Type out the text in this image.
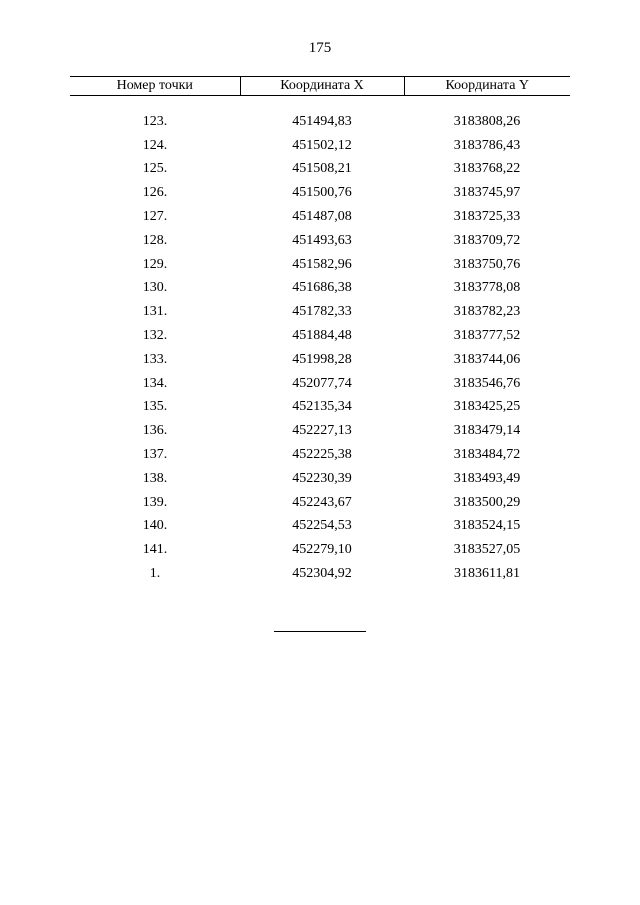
175
Номер точки	Координата X	Координата Y

123.	451494,83	3183808,26
124.	451502,12	3183786,43
125.	451508,21	3183768,22
126.	451500,76	3183745,97
127.	451487,08	3183725,33
128.	451493,63	3183709,72
129.	451582,96	3183750,76
130.	451686,38	3183778,08
131.	451782,33	3183782,23
132.	451884,48	3183777,52
133.	451998,28	3183744,06
134.	452077,74	3183546,76
135.	452135,34	3183425,25
136.	452227,13	3183479,14
137.	452225,38	3183484,72
138.	452230,39	3183493,49
139.	452243,67	3183500,29
140.	452254,53	3183524,15
141.	452279,10	3183527,05
1.	452304,92	3183611,81
